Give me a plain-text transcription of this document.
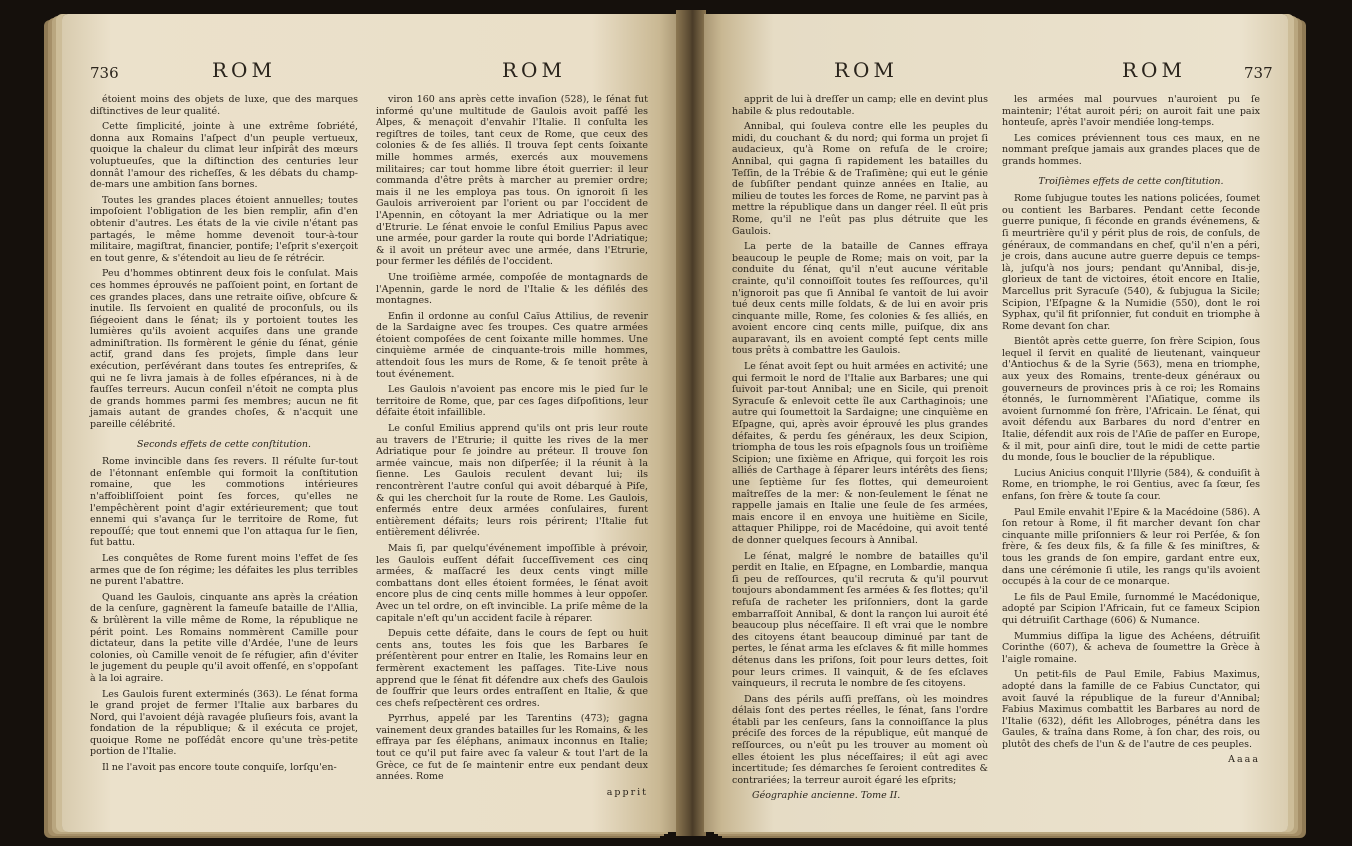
736	ROM	ROM

étoient moins des objets de luxe, que des marques diſtinctives de leur qualité.

Cette ſimplicité, jointe à une extrême ſobriété, donna aux Romains l'aſpect d'un peuple vertueux, quoique la chaleur du climat leur inſpirât des mœurs voluptueuſes, que la diſtinction des centuries leur donnât l'amour des richeſſes, & les débats du champ-de-mars une ambition ſans bornes.

Toutes les grandes places étoient annuelles; toutes impoſoient l'obligation de les bien remplir, afin d'en obtenir d'autres. Les états de la vie civile n'étant pas partagés, le même homme devenoit tour-à-tour militaire, magiſtrat, financier, pontife; l'eſprit s'exerçoit en tout genre, & s'étendoit au lieu de ſe rétrécir.

Peu d'hommes obtinrent deux fois le conſulat. Mais ces hommes éprouvés ne paſſoient point, en ſortant de ces grandes places, dans une retraite oiſive, obſcure & inutile. Ils ſervoient en qualité de proconſuls, ou ils ſiégeoient dans le ſénat; ils y portoient toutes les lumières qu'ils avoient acquiſes dans une grande adminiſtration. Ils formèrent le génie du ſénat, génie actif, grand dans ſes projets, ſimple dans leur exécution, perſévérant dans toutes ſes entrepriſes, & qui ne ſe livra jamais à de folles eſpérances, ni à de fauſſes terreurs. Aucun conſeil n'étoit ne compta plus de grands hommes parmi ſes membres; aucun ne fit jamais autant de grandes choſes, & n'acquit une pareille célébrité.

Seconds effets de cette conſtitution.

Rome invincible dans ſes revers. Il réſulte ſur-tout de l'étonnant enſemble qui formoit la conſtitution romaine, que les commotions intérieures n'affoibliſſoient point ſes forces, qu'elles ne l'empêchèrent point d'agir extérieurement; que tout ennemi qui s'avança ſur le territoire de Rome, fut repouſſé; que tout ennemi que l'on attaqua ſur le ſien, fut battu.

Les conquêtes de Rome furent moins l'effet de ſes armes que de ſon régime; les défaites les plus terribles ne purent l'abattre.

Quand les Gaulois, cinquante ans après la création de la cenſure, gagnèrent la fameuſe bataille de l'Allia, & brûlèrent la ville même de Rome, la république ne périt point. Les Romains nommèrent Camille pour dictateur, dans la petite ville d'Ardée, l'une de leurs colonies, où Camille venoit de ſe réfugier, afin d'éviter le jugement du peuple qu'il avoit offenſé, en s'oppoſant à la loi agraire.

Les Gaulois furent exterminés (363). Le ſénat forma le grand projet de fermer l'Italie aux barbares du Nord, qui l'avoient déjà ravagée pluſieurs fois, avant la fondation de la république; & il exécuta ce projet, quoique Rome ne poſſédât encore qu'une très-petite portion de l'Italie.

Il ne l'avoit pas encore toute conquiſe, lorſqu'en-

viron 160 ans après cette invaſion (528), le ſénat fut informé qu'une multitude de Gaulois avoit paſſé les Alpes, & menaçoit d'envahir l'Italie. Il conſulta les regiſtres de toiles, tant ceux de Rome, que ceux des colonies & de ſes alliés. Il trouva ſept cents ſoixante mille hommes armés, exercés aux mouvemens militaires; car tout homme libre étoit guerrier: il leur commanda d'être prêts à marcher au premier ordre; mais il ne les employa pas tous. On ignoroit ſi les Gaulois arriveroient par l'orient ou par l'occident de l'Apennin, en côtoyant la mer Adriatique ou la mer d'Etrurie. Le ſénat envoie le conſul Emilius Papus avec une armée, pour garder la route qui borde l'Adriatique; & il avoit un préteur avec une armée, dans l'Etrurie, pour fermer les défilés de l'occident.

Une troiſième armée, compoſée de montagnards de l'Apennin, garde le nord de l'Italie & les défilés des montagnes.

Enfin il ordonne au conſul Caïus Attilius, de revenir de la Sardaigne avec ſes troupes. Ces quatre armées étoient compoſées de cent ſoixante mille hommes. Une cinquième armée de cinquante-trois mille hommes, attendoit ſous les murs de Rome, & ſe tenoit prête à tout événement.

Les Gaulois n'avoient pas encore mis le pied ſur le territoire de Rome, que, par ces ſages diſpoſitions, leur défaite étoit infaillible.

Le conſul Emilius apprend qu'ils ont pris leur route au travers de l'Etrurie; il quitte les rives de la mer Adriatique pour ſe joindre au préteur. Il trouve ſon armée vaincue, mais non diſperſée; il la réunit à la ſienne. Les Gaulois reculent devant lui; ils rencontrèrent l'autre conſul qui avoit débarqué à Piſe, & qui les cherchoit ſur la route de Rome. Les Gaulois, enfermés entre deux armées conſulaires, furent entièrement défaits; leurs rois périrent; l'Italie fut entièrement délivrée.

Mais ſi, par quelqu'événement impoſſible à prévoir, les Gaulois euſſent défait ſucceſſivement ces cinq armées, & maſſacré les deux cents vingt mille combattans dont elles étoient formées, le ſénat avoit encore plus de cinq cents mille hommes à leur oppoſer. Avec un tel ordre, on eſt invincible. La priſe même de la capitale n'eſt qu'un accident facile à réparer.

Depuis cette défaite, dans le cours de ſept ou huit cents ans, toutes les fois que les Barbares ſe préſentèrent pour entrer en Italie, les Romains leur en fermèrent exactement les paſſages. Tite-Live nous apprend que le ſénat fit défendre aux chefs des Gaulois de ſouffrir que leurs ordes entraſſent en Italie, & que ces chefs reſpectèrent ces ordres.

Pyrrhus, appelé par les Tarentins (473); gagna vainement deux grandes batailles ſur les Romains, & les effraya par ſes éléphans, animaux inconnus en Italie; tout ce qu'il put faire avec ſa valeur & tout l'art de la Grèce, ce fut de ſe maintenir entre eux pendant deux années. Rome

apprit

ROM	ROM	737

apprit de lui à dreſſer un camp; elle en devint plus habile & plus redoutable.

Annibal, qui ſouleva contre elle les peuples du midi, du couchant & du nord; qui forma un projet ſi audacieux, qu'à Rome on refuſa de le croire; Annibal, qui gagna ſi rapidement les batailles du Teſſin, de la Trébie & de Traſimène; qui eut le génie de ſubſiſter pendant quinze années en Italie, au milieu de toutes les forces de Rome, ne parvint pas à mettre la république dans un danger réel. Il eût pris Rome, qu'il ne l'eût pas plus détruite que les Gaulois.

La perte de la bataille de Cannes effraya beaucoup le peuple de Rome; mais on voit, par la conduite du ſénat, qu'il n'eut aucune véritable crainte, qu'il connoiſſoit toutes ſes reſſources, qu'il n'ignoroit pas que ſi Annibal ſe vantoit de lui avoir tué deux cents mille ſoldats, & de lui en avoir pris cinquante mille, Rome, ſes colonies & ſes alliés, en avoient encore cinq cents mille, puiſque, dix ans auparavant, ils en avoient compté ſept cents mille tous prêts à combattre les Gaulois.

Le ſénat avoit ſept ou huit armées en activité; une qui fermoit le nord de l'Italie aux Barbares; une qui ſuivoit par-tout Annibal; une en Sicile, qui prenoit Syracuſe & enlevoit cette île aux Carthaginois; une autre qui ſoumettoit la Sardaigne; une cinquième en Eſpagne, qui, après avoir éprouvé les plus grandes défaites, & perdu ſes généraux, les deux Scipion, triompha de tous les rois eſpagnols ſous un troiſième Scipion; une ſixième en Afrique, qui forçoit les rois alliés de Carthage à ſéparer leurs intérêts des ſiens; une ſeptième ſur ſes flottes, qui demeuroient maîtreſſes de la mer: & non-ſeulement le ſénat ne rappelle jamais en Italie une ſeule de ſes armées, mais encore il en envoya une huitième en Sicile, attaquer Philippe, roi de Macédoine, qui avoit tenté de donner quelques ſecours à Annibal.

Le ſénat, malgré le nombre de batailles qu'il perdit en Italie, en Eſpagne, en Lombardie, manqua ſi peu de reſſources, qu'il recruta & qu'il pourvut toujours abondamment ſes armées & ſes flottes; qu'il refuſa de racheter les priſonniers, dont la garde embarraſſoit Annibal, & dont la rançon lui auroit été beaucoup plus néceſſaire. Il eſt vrai que le nombre des citoyens étant beaucoup diminué par tant de pertes, le ſénat arma les eſclaves & fit mille hommes détenus dans les priſons, ſoit pour leurs dettes, ſoit pour leurs crimes. Il vainquit, & de ſes eſclaves vainqueurs, il recruta le nombre de ſes citoyens.

Dans des périls auſſi preſſans, où les moindres délais ſont des pertes réelles, le ſénat, ſans l'ordre établi par les cenſeurs, ſans la connoiſſance la plus préciſe des forces de la république, eût manqué de reſſources, ou n'eût pu les trouver au moment où elles étoient les plus néceſſaires; il eût agi avec incertitude; ſes démarches ſe ſeroient contredites & contrariées; la terreur auroit égaré les eſprits;

Géographie ancienne. Tome II.

les armées mal pourvues n'auroient pu ſe maintenir; l'état auroit péri; on auroit fait une paix honteuſe, après l'avoir mendiée long-temps.

Les comices préviennent tous ces maux, en ne nommant preſque jamais aux grandes places que de grands hommes.

Troiſièmes effets de cette conſtitution.

Rome ſubjugue toutes les nations policées, ſoumet ou contient les Barbares. Pendant cette ſeconde guerre punique, ſi féconde en grands événemens, & ſi meurtrière qu'il y périt plus de rois, de conſuls, de généraux, de commandans en chef, qu'il n'en a péri, je crois, dans aucune autre guerre depuis ce temps-là, juſqu'à nos jours; pendant qu'Annibal, dis-je, glorieux de tant de victoires, étoit encore en Italie, Marcellus prit Syracuſe (540), & ſubjugua la Sicile; Scipion, l'Eſpagne & la Numidie (550), dont le roi Syphax, qu'il fit priſonnier, fut conduit en triomphe à Rome devant ſon char.

Bientôt après cette guerre, ſon frère Scipion, ſous lequel il ſervit en qualité de lieutenant, vainqueur d'Antiochus & de la Syrie (563), mena en triomphe, aux yeux des Romains, trente-deux généraux ou gouverneurs de provinces pris à ce roi; les Romains étonnés, le ſurnommèrent l'Aſiatique, comme ils avoient ſurnommé ſon frère, l'Africain. Le ſénat, qui avoit défendu aux Barbares du nord d'entrer en Italie, défendit aux rois de l'Aſie de paſſer en Europe, & il mit, pour ainſi dire, tout le midi de cette partie du monde, ſous le bouclier de la république.

Lucius Anicius conquit l'Illyrie (584), & conduiſit à Rome, en triomphe, le roi Gentius, avec ſa ſœur, ſes enfans, ſon frère & toute ſa cour.

Paul Emile envahit l'Epire & la Macédoine (586). A ſon retour à Rome, il fit marcher devant ſon char cinquante mille priſonniers & leur roi Perſée, & ſon frère, & ſes deux fils, & ſa fille & ſes miniſtres, & tous les grands de ſon empire, gardant entre eux, dans une cérémonie ſi utile, les rangs qu'ils avoient occupés à la cour de ce monarque.

Le fils de Paul Emile, ſurnommé le Macédonique, adopté par Scipion l'Africain, fut ce fameux Scipion qui détruiſit Carthage (606) & Numance.

Mummius diſſipa la ligue des Achéens, détruiſit Corinthe (607), & acheva de ſoumettre la Grèce à l'aigle romaine.

Un petit-fils de Paul Emile, Fabius Maximus, adopté dans la famille de ce Fabius Cunctator, qui avoit ſauvé la république de la fureur d'Annibal; Fabius Maximus combattit les Barbares au nord de l'Italie (632), défit les Allobroges, pénétra dans les Gaules, & traîna dans Rome, à ſon char, des rois, ou plutôt des chefs de l'un & de l'autre de ces peuples.

Aaaa
